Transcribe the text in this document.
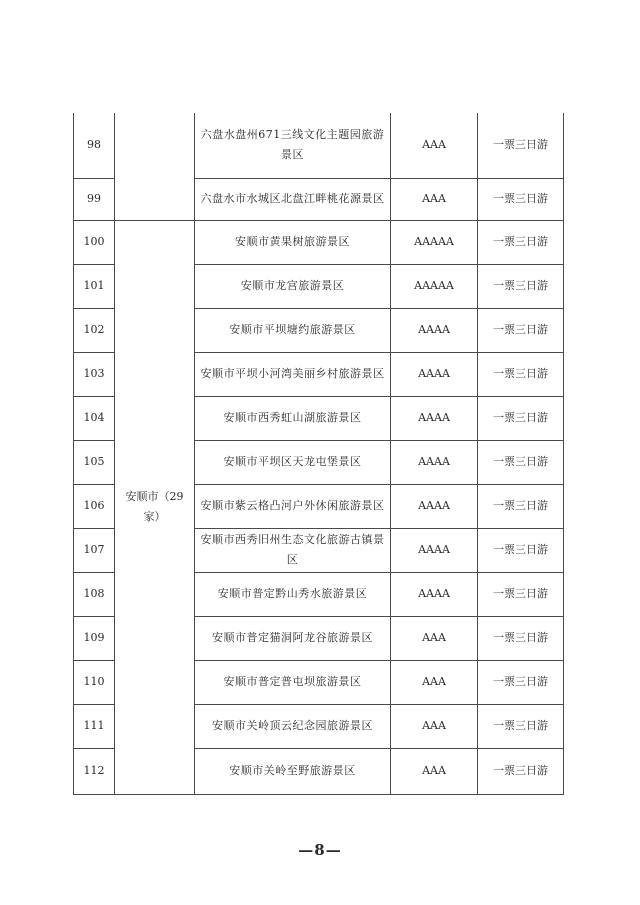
98		六盘水盘州671三线文化主题园旅游景区	AAA	一票三日游
99		六盘水市水城区北盘江畔桃花源景区	AAA	一票三日游
100	安顺市（29家）	安顺市黄果树旅游景区	AAAAA	一票三日游
101		安顺市龙宫旅游景区	AAAAA	一票三日游
102		安顺市平坝塘约旅游景区	AAAA	一票三日游
103		安顺市平坝小河湾美丽乡村旅游景区	AAAA	一票三日游
104		安顺市西秀虹山湖旅游景区	AAAA	一票三日游
105		安顺市平坝区天龙屯堡景区	AAAA	一票三日游
106		安顺市紫云格凸河户外休闲旅游景区	AAAA	一票三日游
107		安顺市西秀旧州生态文化旅游古镇景区	AAAA	一票三日游
108		安顺市普定黔山秀水旅游景区	AAAA	一票三日游
109		安顺市普定猫洞阿龙谷旅游景区	AAA	一票三日游
110		安顺市普定普屯坝旅游景区	AAA	一票三日游
111		安顺市关岭顶云纪念园旅游景区	AAA	一票三日游
112		安顺市关岭至野旅游景区	AAA	一票三日游
—8—
